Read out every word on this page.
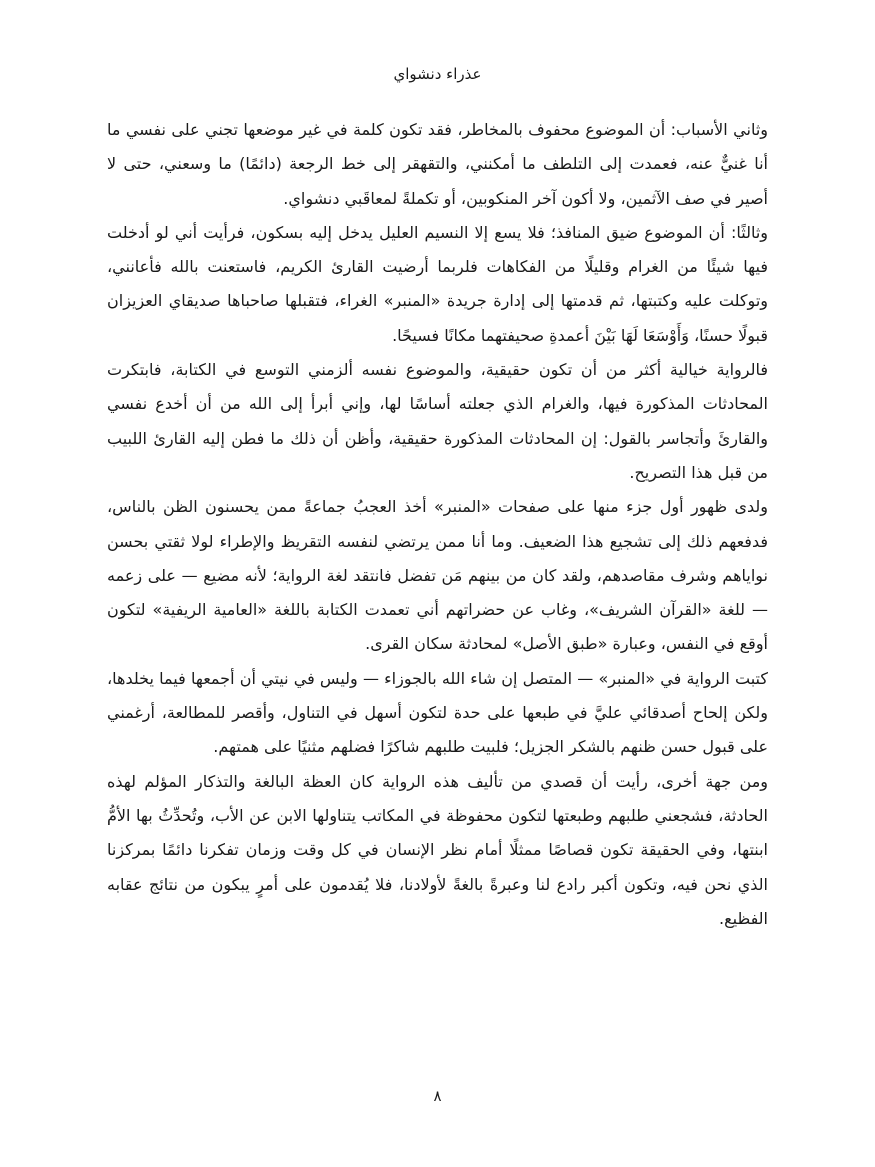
عذراء دنشواي

وثاني الأسباب: أن الموضوع محفوف بالمخاطر، فقد تكون كلمة في غير موضعها تجني على نفسي ما أنا غنيٌّ عنه، فعمدت إلى التلطف ما أمكنني، والتقهقر إلى خط الرجعة (دائمًا) ما وسعني، حتى لا أصير في صف الآثمين، ولا أكون آخر المنكوبين، أو تكملةً لمعاقَبي دنشواي.

وثالثًا: أن الموضوع ضيق المنافذ؛ فلا يسع إلا النسيم العليل يدخل إليه بسكون، فرأيت أني لو أدخلت فيها شيئًا من الغرام وقليلًا من الفكاهات فلربما أرضيت القارئ الكريم، فاستعنت بالله فأعانني، وتوكلت عليه وكتبتها، ثم قدمتها إلى إدارة جريدة «المنبر» الغراء، فتقبلها صاحباها صديقاي العزيزان قبولًا حسنًا، وَأَوْسَعَا لَهَا بَيْنَ أعمدةِ صحيفتهما مكانًا فسيحًا.

فالرواية خيالية أكثر من أن تكون حقيقية، والموضوع نفسه ألزمني التوسع في الكتابة، فابتكرت المحادثات المذكورة فيها، والغرام الذي جعلته أساسًا لها، وإني أبرأ إلى الله من أن أخدع نفسي والقارئَ وأتجاسر بالقول: إن المحادثات المذكورة حقيقية، وأظن أن ذلك ما فطن إليه القارئ اللبيب من قبل هذا التصريح.

ولدى ظهور أول جزء منها على صفحات «المنبر» أخذ العجبُ جماعةً ممن يحسنون الظن بالناس، فدفعهم ذلك إلى تشجيع هذا الضعيف. وما أنا ممن يرتضي لنفسه التقريظ والإطراء لولا ثقتي بحسن نواياهم وشرف مقاصدهم، ولقد كان من بينهم مَن تفضل فانتقد لغة الرواية؛ لأنه مضيع — على زعمه — للغة «القرآن الشريف»، وغاب عن حضراتهم أني تعمدت الكتابة باللغة «العامية الريفية» لتكون أوقع في النفس، وعبارة «طبق الأصل» لمحادثة سكان القرى.

كتبت الرواية في «المنبر» — المتصل إن شاء الله بالجوزاء — وليس في نيتي أن أجمعها فيما يخلدها، ولكن إلحاح أصدقائي عليَّ في طبعها على حدة لتكون أسهل في التناول، وأقصر للمطالعة، أرغمني على قبول حسن ظنهم بالشكر الجزيل؛ فلبيت طلبهم شاكرًا فضلهم مثنيًا على همتهم.

ومن جهة أخرى، رأيت أن قصدي من تأليف هذه الرواية كان العظة البالغة والتذكار المؤلم لهذه الحادثة، فشجعني طلبهم وطبعتها لتكون محفوظة في المكاتب يتناولها الابن عن الأب، وتُحدِّثُ بها الأمُّ ابنتها، وفي الحقيقة تكون قصاصًا ممثلًا أمام نظر الإنسان في كل وقت وزمان تفكرنا دائمًا بمركزنا الذي نحن فيه، وتكون أكبر رادع لنا وعبرةً بالغةً لأولادنا، فلا يُقدمون على أمرٍ يبكون من نتائج عقابه الفظيع.

٨
